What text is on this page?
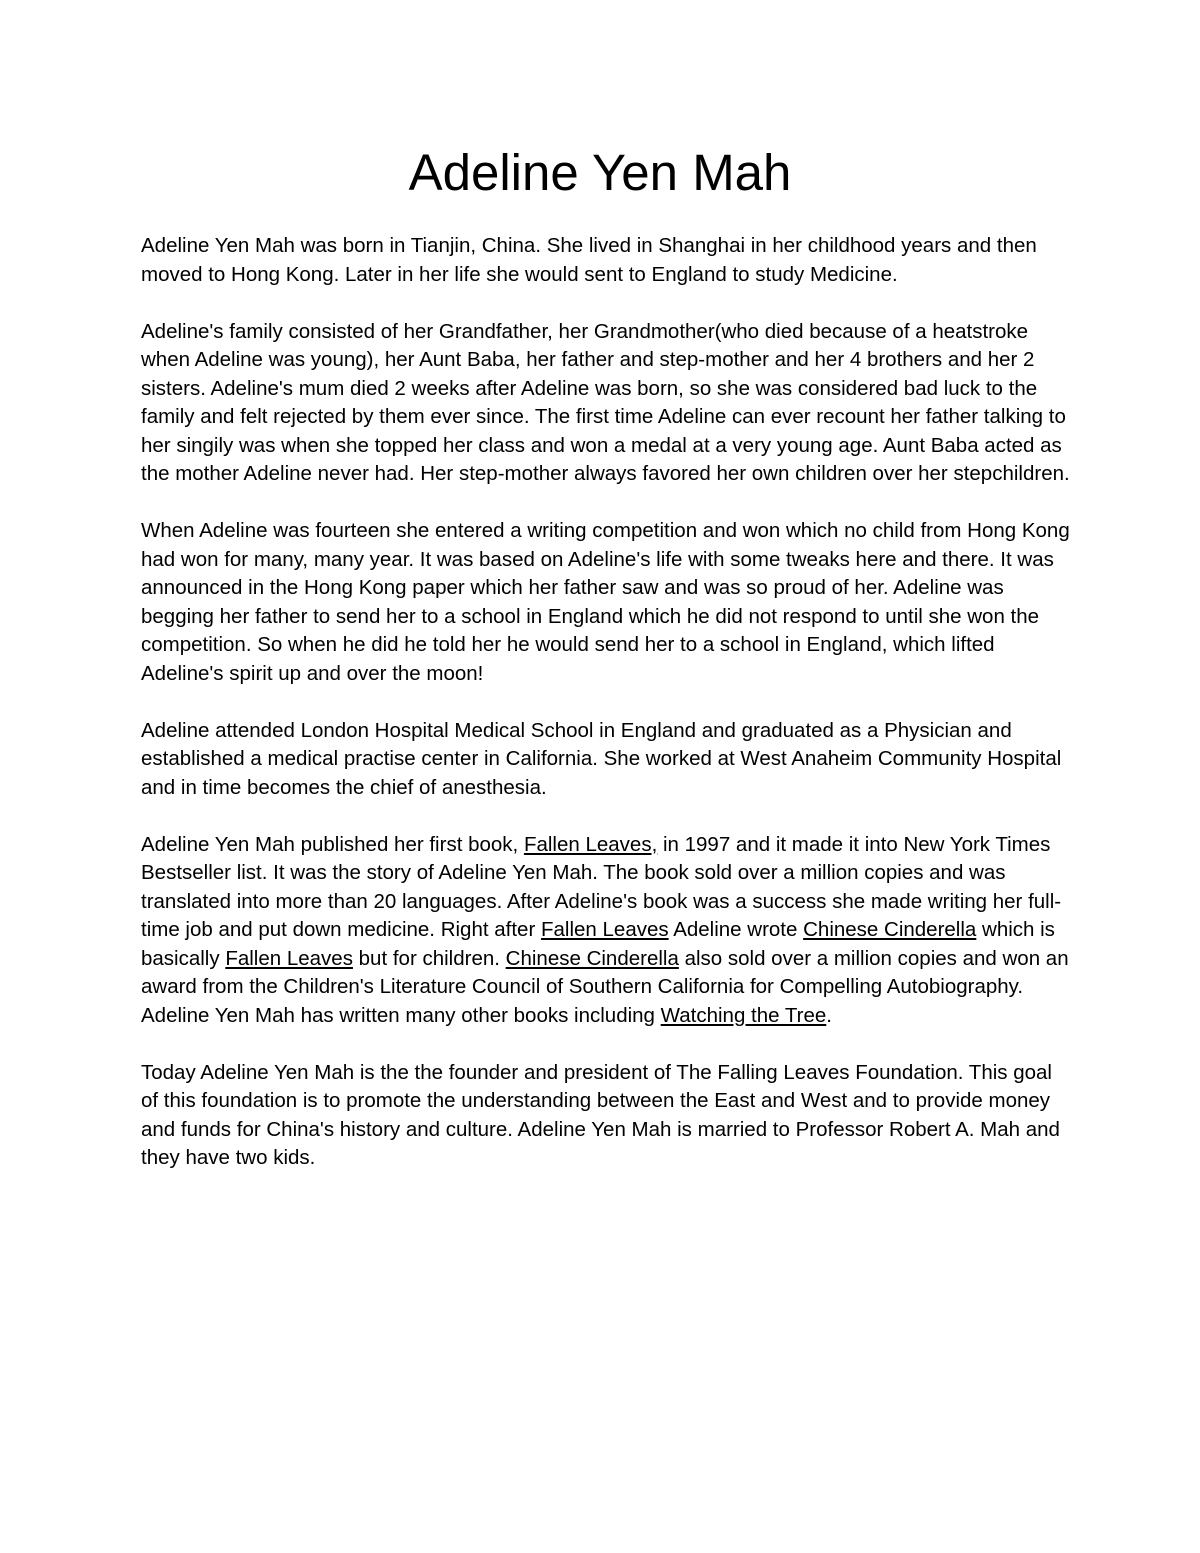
Adeline Yen Mah

Adeline Yen Mah was born in Tianjin, China. She lived in Shanghai in her childhood years and then moved to Hong Kong. Later in her life she would sent to England to study Medicine.

Adeline's family consisted of her Grandfather, her Grandmother(who died because of a heatstroke when Adeline was young), her Aunt Baba, her father and step-mother and her 4 brothers and her 2 sisters. Adeline's mum died 2 weeks after Adeline was born, so she was considered bad luck to the family and felt rejected by them ever since. The first time Adeline can ever recount her father talking to her singily was when she topped her class and won a medal at a very young age. Aunt Baba acted as the mother Adeline never had. Her step-mother always favored her own children over her stepchildren.

When Adeline was fourteen she entered a writing competition and won which no child from Hong Kong had won for many, many year. It was based on Adeline's life with some tweaks here and there. It was announced in the Hong Kong paper which her father saw and was so proud of her. Adeline was begging her father to send her to a school in England which he did not respond to until she won the competition. So when he did he told her he would send her to a school in England, which lifted Adeline's spirit up and over the moon!

Adeline attended London Hospital Medical School in England and graduated as a Physician and established a medical practise center in California. She worked at West Anaheim Community Hospital and in time becomes the chief of anesthesia.

Adeline Yen Mah published her first book, Fallen Leaves, in 1997 and it made it into New York Times Bestseller list. It was the story of Adeline Yen Mah. The book sold over a million copies and was translated into more than 20 languages. After Adeline's book was a success she made writing her full-time job and put down medicine. Right after Fallen Leaves Adeline wrote Chinese Cinderella which is basically Fallen Leaves but for children. Chinese Cinderella also sold over a million copies and won an award from the Children's Literature Council of Southern California for Compelling Autobiography. Adeline Yen Mah has written many other books including Watching the Tree.

Today Adeline Yen Mah is the the founder and president of The Falling Leaves Foundation. This goal of this foundation is to promote the understanding between the East and West and to provide money and funds for China's history and culture. Adeline Yen Mah is married to Professor Robert A. Mah and they have two kids.
